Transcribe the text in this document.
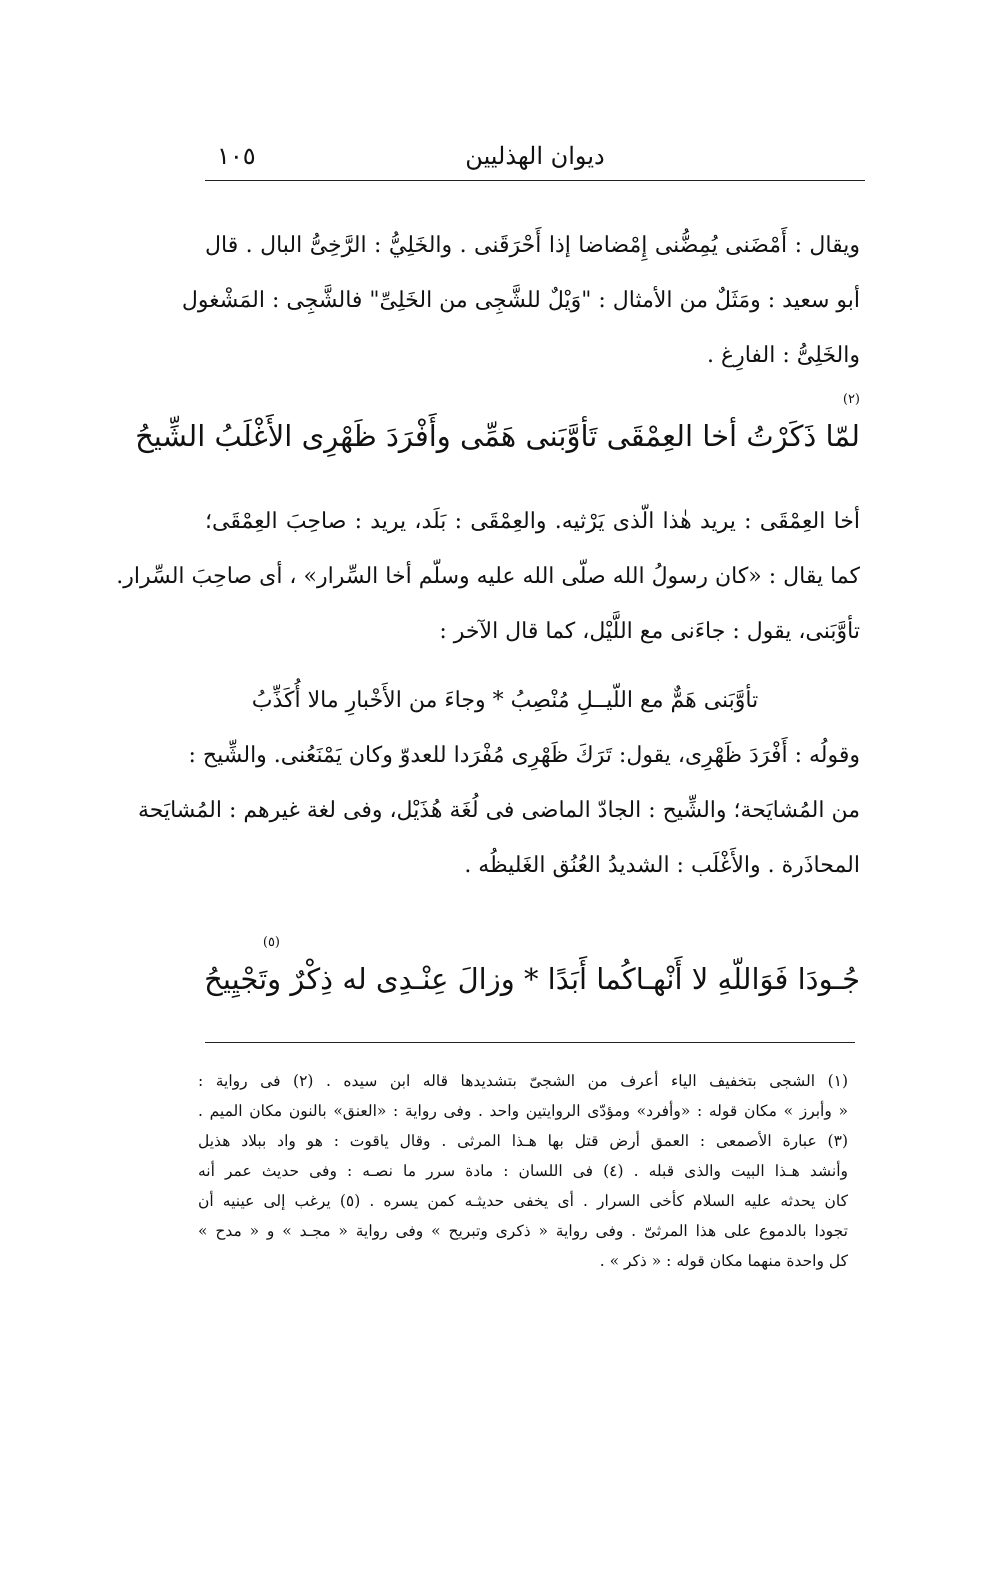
ديوان الهذليين
١٠٥
ويقال : أَمْضَنى يُمِضُّنى إِمْضاضا إذا أَحْرَقَنى . والخَلِيُّ : الرَّخِىُّ البال . قال
أبو سعيد : ومَثَلٌ من الأمثال : "وَيْلٌ للشَّجِى من الخَلِىِّ" فالشَّجِى : المَشْغول
والخَلِىُّ : الفارِغ .
(٢)
لمّا ذَكَرْتُ أخا العِمْقَى تَأوَّبَنى هَمِّى وأَفْرَدَ ظَهْرِى الأَغْلَبُ الشِّيحُ
أخا العِمْقَى : يريد هٰذا الّذى يَرْثيه. والعِمْقَى : بَلَد، يريد : صاحِبَ العِمْقَى؛
كما يقال : «كان رسولُ الله صلّى الله عليه وسلّم أخا السِّرار» ، أى صاحِبَ السِّرار.
تأوَّبَنى، يقول : جاءَنى مع اللَّيْل، كما قال الآخر :
تأوَّبَنى هَمٌّ مع اللّيــلِ مُنْصِبُ * وجاءَ من الأَخْبارِ مالا أُكَذِّبُ
وقولُه : أَفْرَدَ ظَهْرِى، يقول: تَرَكَ ظَهْرِى مُفْرَدا للعدوّ وكان يَمْنَعُنى. والشِّيح :
من المُشايَحة؛ والشِّيح : الجادّ الماضى فى لُغَة هُذَيْل، وفى لغة غيرهم : المُشايَحة
المحاذَرة . والأَغْلَب : الشديدُ العُنُق الغَليظُه .
(٥)
جُـودَا فَوَاللّهِ لا أَنْهـاكُما أَبَدًا * وزالَ عِنْـدِى له ذِكْرٌ وتَجْيِيحُ
(١) الشجى بتخفيف الياء أعرف من الشجىّ بتشديدها قاله ابن سيده . (٢) فى رواية :
« وأبرز » مكان قوله : «وأفرد» ومؤدّى الروايتين واحد . وفى رواية : «العنق» بالنون مكان الميم .
(٣) عبارة الأصمعى : العمق أرض قتل بها هـذا المرثى . وقال ياقوت : هو واد ببلاد هذيل
وأنشد هـذا البيت والذى قبله . (٤) فى اللسان : مادة سرر ما نصـه : وفى حديث عمر أنه
كان يحدثه عليه السلام كأخى السرار . أى يخفى حديثـه كمن يسره . (٥) يرغب إلى عينيه أن
تجودا بالدموع على هذا المرثىّ . وفى رواية « ذكرى وتبريح » وفى رواية « مجـد » و « مدح »
كل واحدة منهما مكان قوله : « ذكر » .
